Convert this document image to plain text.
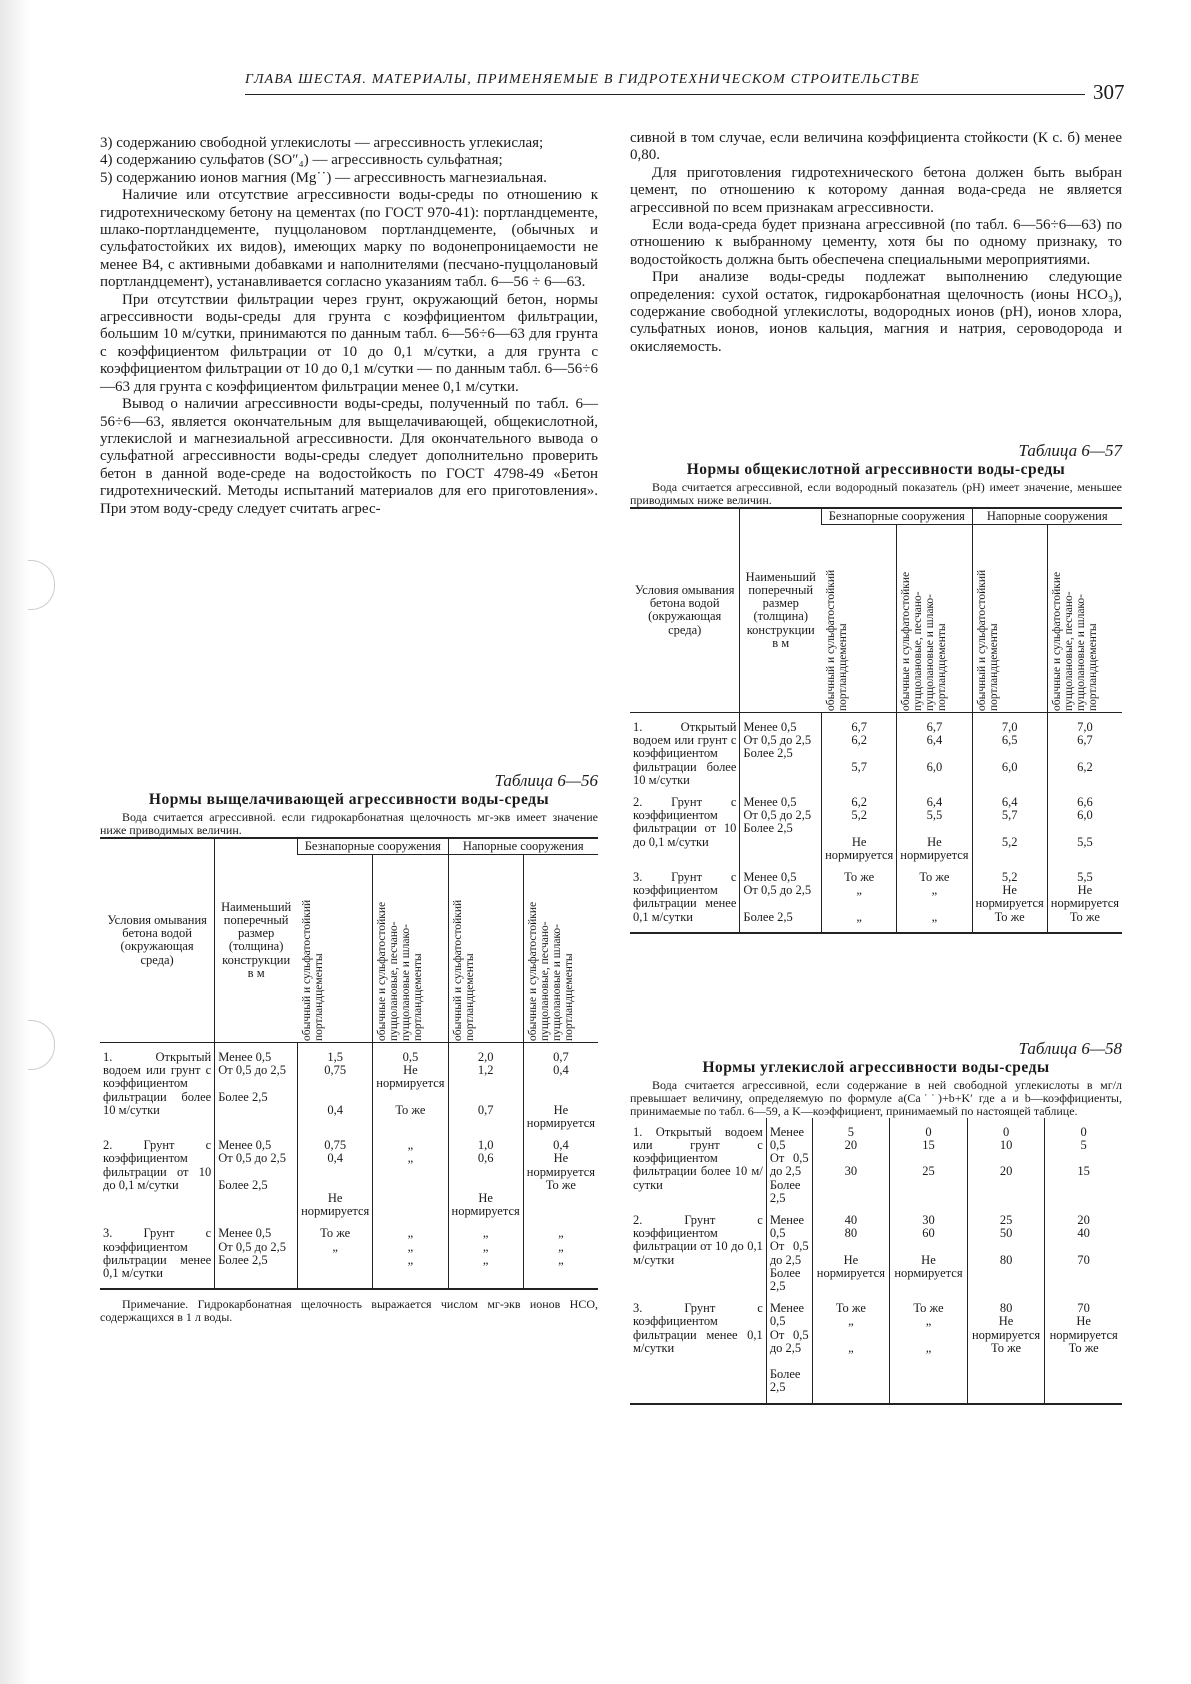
ГЛАВА ШЕСТАЯ. МАТЕРИАЛЫ, ПРИМЕНЯЕМЫЕ В ГИДРОТЕХНИЧЕСКОМ СТРОИТЕЛЬСТВЕ
307

3) содержанию свободной углекислоты — агрессивность углекислая;

4) содержанию сульфатов (SO″₄) — агрессивность сульфатная;

5) содержанию ионов магния (Mg˙˙) — агрессивность магнезиальная.

Наличие или отсутствие агрессивности воды-среды по отношению к гидротехническому бетону на цементах (по ГОСТ 970-41): портландцементе, шлако-портландцементе, пуццолановом портландцементе, (обычных и сульфатостойких их видов), имеющих марку по водонепроницаемости не менее В4, с активными добавками и наполнителями (песчано-пуццолановый портландцемент), устанавливается согласно указаниям табл. 6—56 ÷ 6—63.

При отсутствии фильтрации через грунт, окружающий бетон, нормы агрессивности воды-среды для грунта с коэффициентом фильтрации, большим 10 м/сутки, принимаются по данным табл. 6—56÷6—63 для грунта с коэффициентом фильтрации от 10 до 0,1 м/сутки, а для грунта с коэффициентом фильтрации от 10 до 0,1 м/сутки — по данным табл. 6—56÷6—63 для грунта с коэффициентом фильтрации менее 0,1 м/сутки.

Вывод о наличии агрессивности воды-среды, полученный по табл. 6—56÷6—63, является окончательным для выщелачивающей, общекислотной, углекислой и магнезиальной агрессивности. Для окончательного вывода о сульфатной агрессивности воды-среды следует дополнительно проверить бетон в данной воде-среде на водостойкость по ГОСТ 4798-49 «Бетон гидротехнический. Методы испытаний материалов для его приготовления». При этом воду-среду следует считать агрес-

Таблица 6—56

Нормы выщелачивающей агрессивности воды-среды

Вода считается агрессивной. если гидрокарбонатная щелочность мг-экв имеет значение ниже приводимых величин.

Условия омывания бетона водой (окружающая среда)	Наименьший поперечный размер (толщина) конструкции в м	Безнапорные сооружения		Напорные сооружения	

		обычный и сульфатостойкий портландцементы	обычные и сульфатостойкие пуццолановые, песчано-пуццолановые и шлако-портландцементы	обычный и сульфатостойкий портландцементы	обычные и сульфатостойкие пуццолановые, песчано-пуццолановые и шлако-портландцементы

1. Открытый водоем или грунт с коэффициентом фильтрации более 10 м/сутки	Менее 0,5
От 0,5 до 2,5

Более 2,5	1,5
0,75

0,4	0,5
Не нормируется

То же	2,0
1,2

0,7	0,7
0,4

Не нормируется
2. Грунт с коэффициентом фильтрации от 10 до 0,1 м/сутки	Менее 0,5
От 0,5 до 2,5

Более 2,5	0,75
0,4

Не нормируется	„
„	1,0
0,6

Не нормируется	0,4
Не нормируется
То же
3. Грунт с коэффициентом фильтрации менее 0,1 м/сутки	Менее 0,5
От 0,5 до 2,5
Более 2,5	То же
„	„
„
„	„
„
„	„
„
„

Примечание. Гидрокарбонатная щелочность выражается числом мг-экв ионов HCO, содержащихся в 1 л воды.

сивной в том случае, если величина коэффициента стойкости (К с. б) менее 0,80.

Для приготовления гидротехнического бетона должен быть выбран цемент, по отношению к которому данная вода-среда не является агрессивной по всем признакам агрессивности.

Если вода-среда будет признана агрессивной (по табл. 6—56÷6—63) по отношению к выбранному цементу, хотя бы по одному признаку, то водостойкость должна быть обеспечена специальными мероприятиями.

При анализе воды-среды подлежат выполнению следующие определения: сухой остаток, гидрокарбонатная щелочность (ионы HCO₃), содержание свободной углекислоты, водородных ионов (pH), ионов хлора, сульфатных ионов, ионов кальция, магния и натрия, сероводорода и окисляемость.

Таблица 6—57

Нормы общекислотной агрессивности воды-среды

Вода считается агрессивной, если водородный показатель (pH) имеет значение, меньшее приводимых ниже величин.

Условия омывания бетона водой (окружающая среда)	Наименьший поперечный размер (толщина) конструкции в м	Безнапорные сооружения		Напорные сооружения	

		обычный и сульфатостойкий портландцементы	обычные и сульфатостойкие пуццолановые, песчано-пуццолановые и шлако-портландцементы	обычный и сульфатостойкий портландцементы	обычные и сульфатостойкие пуццолановые, песчано-пуццолановые и шлако-портландцементы

1. Открытый водоем или грунт с коэффициентом фильтрации более 10 м/сутки	Менее 0,5
От 0,5 до 2,5
Более 2,5	6,7
6,2

5,7	6,7
6,4

6,0	7,0
6,5

6,0	7,0
6,7

6,2
2. Грунт с коэффициентом фильтрации от 10 до 0,1 м/сутки	Менее 0,5
От 0,5 до 2,5
Более 2,5	6,2
5,2

Не нормируется	6,4
5,5

Не нормируется	6,4
5,7

5,2	6,6
6,0

5,5
3. Грунт с коэффициентом фильтрации менее 0,1 м/сутки	Менее 0,5
От 0,5 до 2,5

Более 2,5	То же
„

„	То же
„

„	5,2
Не нормируется
То же	5,5
Не нормируется
То же

Таблица 6—58

Нормы углекислой агрессивности воды-среды

Вода считается агрессивной, если содержание в ней свободной углекислоты в мг/л превышает величину, определяемую по формуле a(Ca˙˙)+b+K′ где a и b—коэффициенты, принимаемые по табл. 6—59, а K—коэффициент, принимаемый по настоящей таблице.

1. Открытый водоем или грунт с коэффициентом фильтрации более 10 м/сутки	Менее 0,5
От 0,5 до 2,5
Более 2,5	5
20

30	0
15

25	0
10

20	0
5

15
2. Грунт с коэффициентом фильтрации от 10 до 0,1 м/сутки	Менее 0,5
От 0,5 до 2,5
Более 2,5	40
80

Не нормируется	30
60

Не нормируется	25
50

80	20
40

70
3. Грунт с коэффициентом фильтрации менее 0,1 м/сутки	Менее 0,5
От 0,5 до 2,5

Более 2,5	То же
„

„	То же
„

„	80
Не нормируется
То же	70
Не нормируется
То же
